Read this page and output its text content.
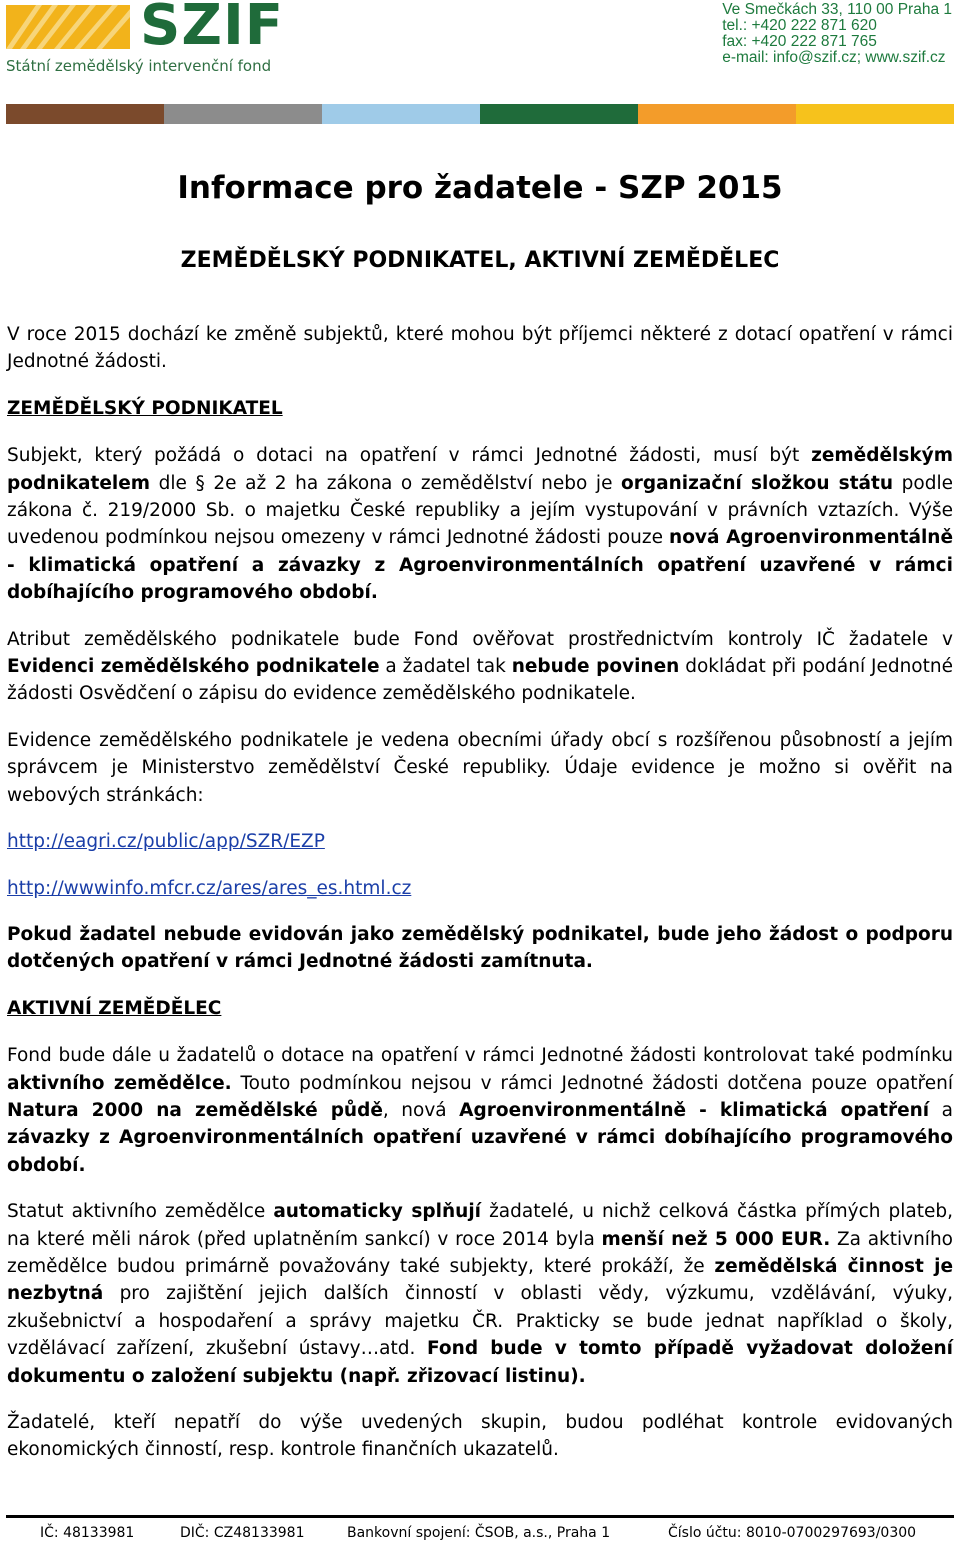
SZIF
Státní zemědělský intervenční fond
Ve Smečkách 33, 110 00 Praha 1
tel.: +420 222 871 620
fax: +420 222 871 765
e-mail: info@szif.cz; www.szif.cz
Informace pro žadatele - SZP 2015
ZEMĚDĚLSKÝ PODNIKATEL, AKTIVNÍ ZEMĚDĚLEC

V roce 2015 dochází ke změně subjektů, které mohou být příjemci některé z dotací opatření v rámci Jednotné žádosti.

ZEMĚDĚLSKÝ PODNIKATEL

Subjekt, který požádá o dotaci na opatření v rámci Jednotné žádosti, musí být zemědělským podnikatelem dle § 2e až 2 ha zákona o zemědělství nebo je organizační složkou státu podle zákona č. 219/2000 Sb. o majetku České republiky a jejím vystupování v právních vztazích. Výše uvedenou podmínkou nejsou omezeny v rámci Jednotné žádosti pouze nová Agroenvironmentálně - klimatická opatření a závazky z Agroenvironmentálních opatření uzavřené v rámci dobíhajícího programového období.

Atribut zemědělského podnikatele bude Fond ověřovat prostřednictvím kontroly IČ žadatele v Evidenci zemědělského podnikatele a žadatel tak nebude povinen dokládat při podání Jednotné žádosti Osvědčení o zápisu do evidence zemědělského podnikatele.

Evidence zemědělského podnikatele je vedena obecními úřady obcí s rozšířenou působností a jejím správcem je Ministerstvo zemědělství České republiky. Údaje evidence je možno si ověřit na webových stránkách:

http://eagri.cz/public/app/SZR/EZP

http://wwwinfo.mfcr.cz/ares/ares_es.html.cz

Pokud žadatel nebude evidován jako zemědělský podnikatel, bude jeho žádost o podporu dotčených opatření v rámci Jednotné žádosti zamítnuta.

AKTIVNÍ ZEMĚDĚLEC

Fond bude dále u žadatelů o dotace na opatření v rámci Jednotné žádosti kontrolovat také podmínku aktivního zemědělce. Touto podmínkou nejsou v rámci Jednotné žádosti dotčena pouze opatření Natura 2000 na zemědělské půdě, nová Agroenvironmentálně - klimatická opatření a závazky z Agroenvironmentálních opatření uzavřené v rámci dobíhajícího programového období.

Statut aktivního zemědělce automaticky splňují žadatelé, u nichž celková částka přímých plateb, na které měli nárok (před uplatněním sankcí) v roce 2014 byla menší než 5 000 EUR. Za aktivního zemědělce budou primárně považovány také subjekty, které prokáží, že zemědělská činnost je nezbytná pro zajištění jejich dalších činností v oblasti vědy, výzkumu, vzdělávání, výuky, zkušebnictví a hospodaření a správy majetku ČR. Prakticky se bude jednat například o školy, vzdělávací zařízení, zkušební ústavy…atd. Fond bude v tomto případě vyžadovat doložení dokumentu o založení subjektu (např. zřizovací listinu).

Žadatelé, kteří nepatří do výše uvedených skupin, budou podléhat kontrole evidovaných ekonomických činností, resp. kontrole finančních ukazatelů.

IČ: 48133981	DIČ: CZ48133981	Bankovní spojení: ČSOB, a.s., Praha 1	Číslo účtu: 8010-0700297693/0300
